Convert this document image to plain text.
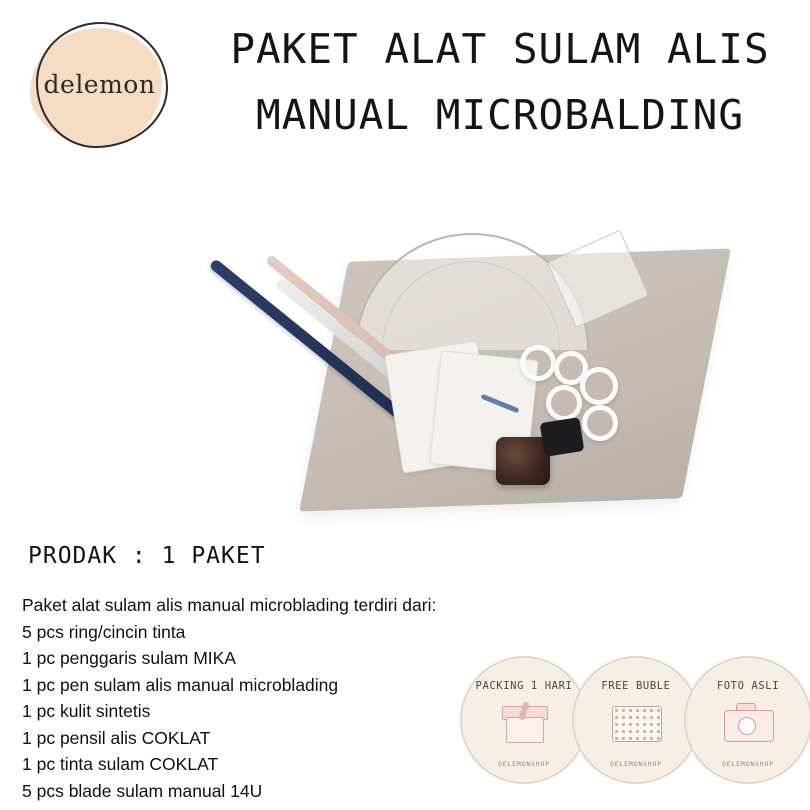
delemon
PAKET ALAT SULAM ALIS
MANUAL MICROBALDING
PRODAK : 1 PAKET
Paket alat sulam alis manual microblading terdiri dari:
5 pcs ring/cincin tinta
1 pc penggaris sulam MIKA
1 pc pen sulam alis manual microblading
1 pc kulit sintetis
1 pc pensil alis COKLAT
1 pc tinta sulam COKLAT
5 pcs blade sulam manual 14U
PACKING 1 HARI
DELEMONSHOP
FREE BUBLE
DELEMONSHOP
FOTO ASLI
DELEMONSHOP
